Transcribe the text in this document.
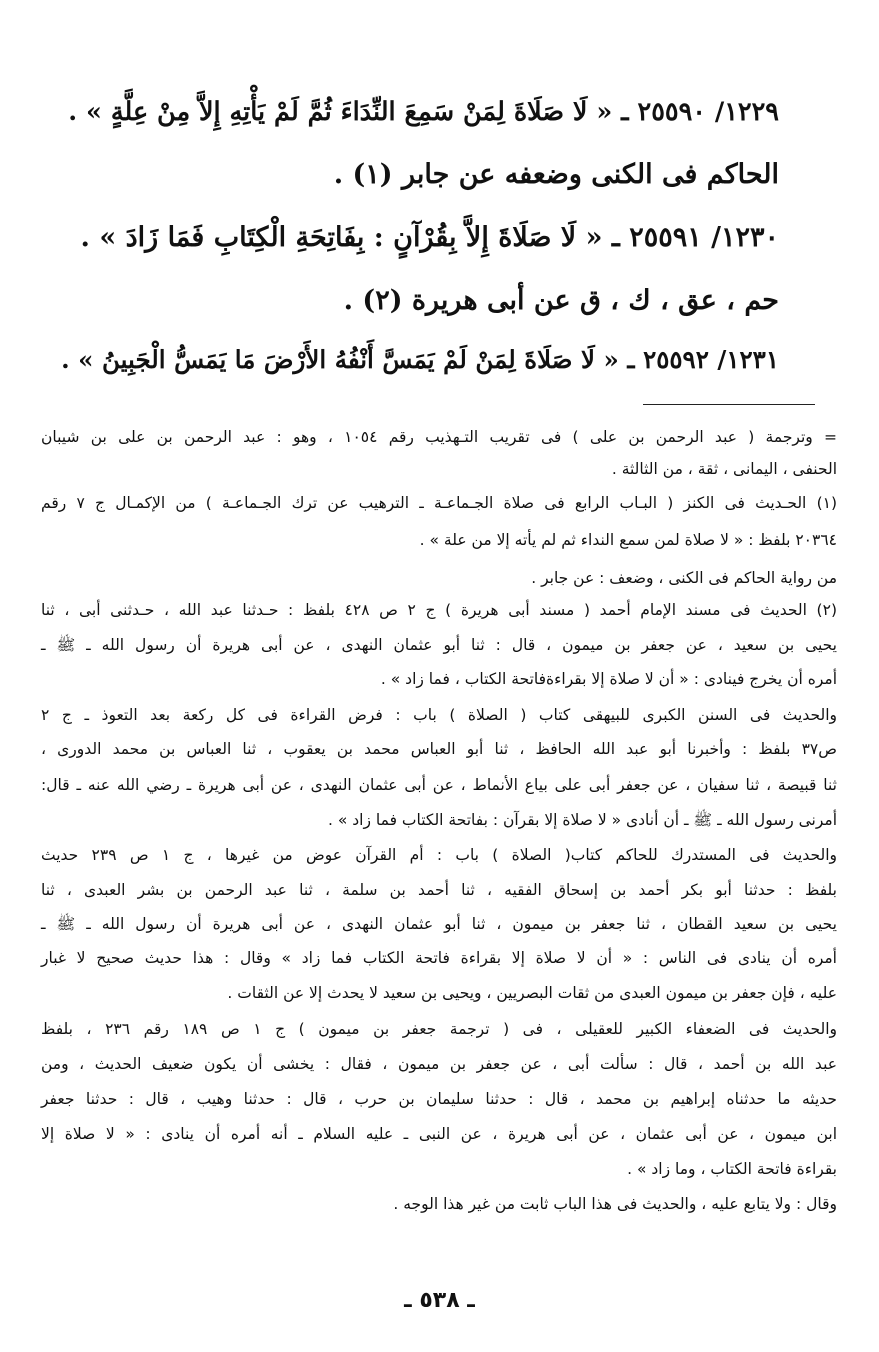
١٢٢٩/ ٢٥٥٩٠ ـ « لَا صَلَاةَ لِمَنْ سَمِعَ النِّدَاءَ ثُمَّ لَمْ يَأْتِهِ إِلاَّ مِنْ عِلَّةٍ » .
الحاكم فى الكنى وضعفه عن جابر (١) .
١٢٣٠/ ٢٥٥٩١ ـ « لَا صَلَاةَ إِلاَّ بِقُرْآنٍ : بِفَاتِحَةِ الْكِتَابِ فَمَا زَادَ » .
حم ، عق ، ك ، ق عن أبى هريرة (٢) .
١٢٣١/ ٢٥٥٩٢ ـ « لَا صَلَاةَ لِمَنْ لَمْ يَمَسَّ أَنْفُهُ الأَرْضَ مَا يَمَسُّ الْجَبِينُ » .
= وترجمة ( عبد الرحمن بن على ) فى تقريب التـهذيب رقم ١٠٥٤ ، وهو : عبد الرحمن بن على بن شيبان
الحنفى ، اليمانى ، ثقة ، من الثالثة .
(١) الحـديث فى الكنز ( البـاب الرابع فى صلاة الجـماعـة ـ الترهيب عن ترك الجـماعـة ) من الإكمـال ج ٧ رقم
٢٠٣٦٤ بلفظ : « لا صلاة لمن سمع النداء ثم لم يأته إلا من علة » .
من رواية الحاكم فى الكنى ، وضعف : عن جابر .
(٢) الحديث فى مسند الإمام أحمد ( مسند أبى هريرة ) ج ٢ ص ٤٢٨ بلفظ : حـدثنا عبد الله ، حـدثنى أبى ، ثنا
يحيى بن سعيد ، عن جعفر بن ميمون ، قال : ثنا أبو عثمان النهدى ، عن أبى هريرة أن رسول الله ـ ﷺ ـ
أمره أن يخرج فينادى : « أن لا صلاة إلا بقراءةفاتحة الكتاب ، فما زاد » .
والحديث فى السنن الكبرى للبيهقى كتاب ( الصلاة ) باب : فرض القراءة فى كل ركعة بعد التعوذ ـ ج ٢
ص٣٧ بلفظ : وأخبرنا أبو عبد الله الحافظ ، ثنا أبو العباس محمد بن يعقوب ، ثنا العباس بن محمد الدورى ،
ثنا قبيصة ، ثنا سفيان ، عن جعفر أبى على بياع الأنماط ، عن أبى عثمان النهدى ، عن أبى هريرة ـ رضي الله عنه ـ قال:
أمرنى رسول الله ـ ﷺ ـ أن أنادى « لا صلاة إلا بقرآن : بفاتحة الكتاب فما زاد » .
والحديث فى المستدرك للحاكم كتاب( الصلاة ) باب : أم القرآن عوض من غيرها ، ج ١ ص ٢٣٩ حديث
بلفظ : حدثنا أبو بكر أحمد بن إسحاق الفقيه ، ثنا أحمد بن سلمة ، ثنا عبد الرحمن بن بشر العبدى ، ثنا
يحيى بن سعيد القطان ، ثنا جعفر بن ميمون ، ثنا أبو عثمان النهدى ، عن أبى هريرة أن رسول الله ـ ﷺ ـ
أمره أن ينادى فى الناس : « أن لا صلاة إلا بقراءة فاتحة الكتاب فما زاد » وقال : هذا حديث صحيح لا غبار
عليه ، فإن جعفر بن ميمون العبدى من ثقات البصريين ، ويحيى بن سعيد لا يحدث إلا عن الثقات .
والحديث فى الضعفاء الكبير للعقيلى ، فى ( ترجمة جعفر بن ميمون ) ج ١ ص ١٨٩ رقم ٢٣٦ ، بلفظ
عبد الله بن أحمد ، قال : سألت أبى ، عن جعفر بن ميمون ، فقال : يخشى أن يكون ضعيف الحديث ، ومن
حديثه ما حدثناه إبراهيم بن محمد ، قال : حدثنا سليمان بن حرب ، قال : حدثنا وهيب ، قال : حدثنا جعفر
ابن ميمون ، عن أبى عثمان ، عن أبى هريرة ، عن النبى ـ عليه السلام ـ أنه أمره أن ينادى : « لا صلاة إلا
بقراءة فاتحة الكتاب ، وما زاد » .
وقال : ولا يتابع عليه ، والحديث فى هذا الباب ثابت من غير هذا الوجه .
ـ ٥٣٨ ـ
